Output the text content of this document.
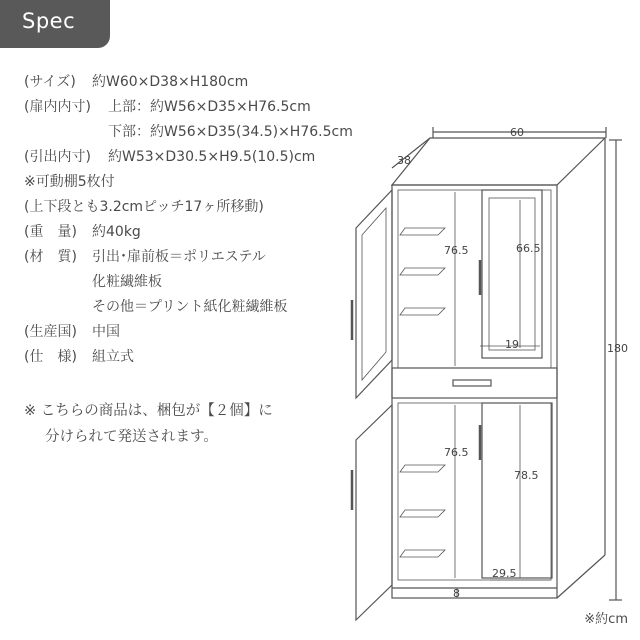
Spec
(サイズ) 約W60×D38×H180cm
(扉内内寸) 上部：約W56×D35×H76.5cm
下部：約W56×D35(34.5)×H76.5cm
(引出内寸) 約W53×D30.5×H9.5(10.5)cm
※可動棚5枚付
(上下段とも3.2cmピッチ17ヶ所移動)
(重　量) 約40kg
(材　質) 引出･扉前板＝ポリエステル
化粧繊維板
その他＝プリント紙化粧繊維板
(生産国) 中国
(仕　様) 組立式
※ こちらの商品は、梱包が【２個】に
分けられて発送されます。
60
38
180
76.5	66.5
19
76.5
78.5
29.5
8
※約cm
